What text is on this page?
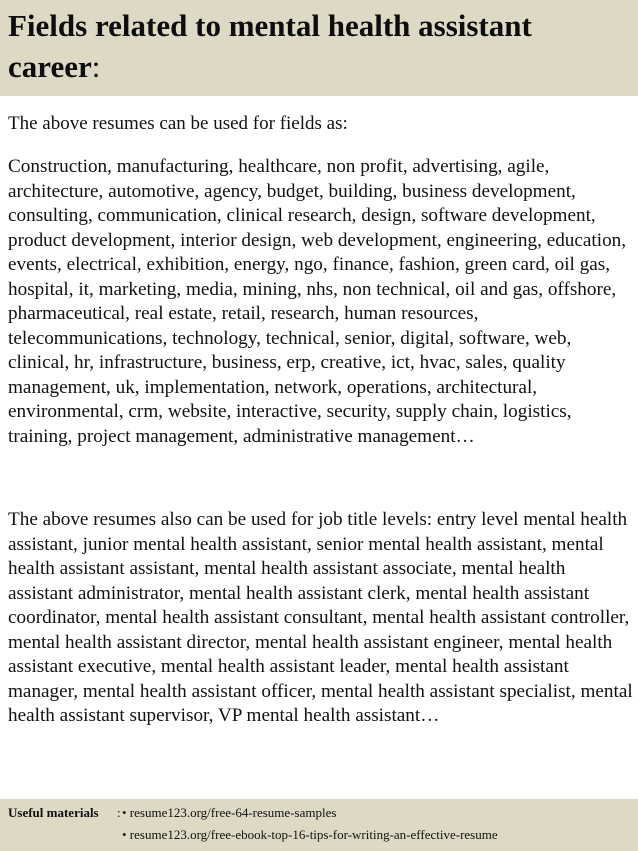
Fields related to mental health assistant career:

The above resumes can be used for fields as:

Construction, manufacturing, healthcare, non profit, advertising, agile, architecture, automotive, agency, budget, building, business development, consulting, communication, clinical research, design, software development, product development, interior design, web development, engineering, education, events, electrical, exhibition, energy, ngo, finance, fashion, green card, oil gas, hospital, it, marketing, media, mining, nhs, non technical, oil and gas, offshore, pharmaceutical, real estate, retail, research, human resources, telecommunications, technology, technical, senior, digital, software, web, clinical, hr, infrastructure, business, erp, creative, ict, hvac, sales, quality management, uk, implementation, network, operations, architectural, environmental, crm, website, interactive, security, supply chain, logistics, training, project management, administrative management…

The above resumes also can be used for job title levels: entry level mental health assistant, junior mental health assistant, senior mental health assistant, mental health assistant assistant, mental health assistant associate, mental health assistant administrator, mental health assistant clerk, mental health assistant coordinator, mental health assistant consultant, mental health assistant controller, mental health assistant director, mental health assistant engineer, mental health assistant executive, mental health assistant leader, mental health assistant manager, mental health assistant officer, mental health assistant specialist, mental health assistant supervisor, VP mental health assistant…

Useful materials : • resume123.org/free-64-resume-samples
• resume123.org/free-ebook-top-16-tips-for-writing-an-effective-resume
